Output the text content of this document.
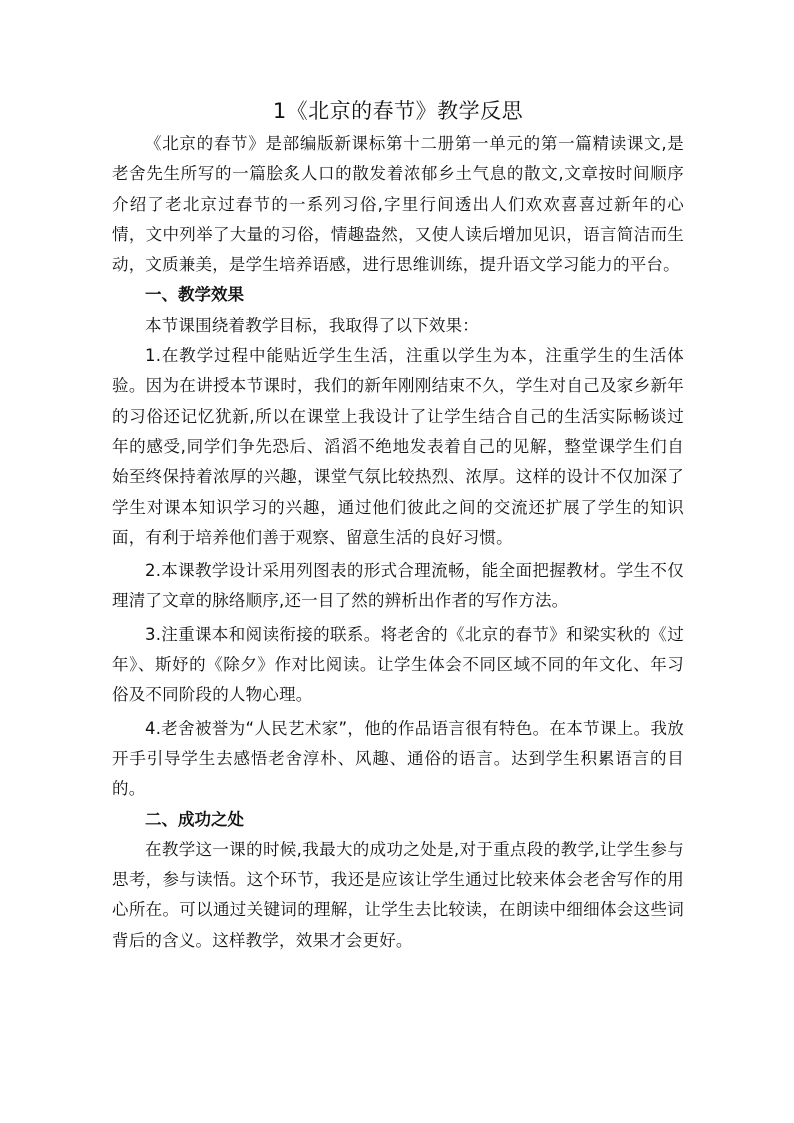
1《北京的春节》教学反思

《北京的春节》是部编版新课标第十二册第一单元的第一篇精读课文,是老舍先生所写的一篇脍炙人口的散发着浓郁乡土气息的散文,文章按时间顺序介绍了老北京过春节的一系列习俗,字里行间透出人们欢欢喜喜过新年的心情，文中列举了大量的习俗，情趣盎然，又使人读后增加见识，语言简洁而生动，文质兼美，是学生培养语感，进行思维训练，提升语文学习能力的平台。

一、教学效果

本节课围绕着教学目标，我取得了以下效果：

1.在教学过程中能贴近学生生活，注重以学生为本，注重学生的生活体验。因为在讲授本节课时，我们的新年刚刚结束不久，学生对自己及家乡新年的习俗还记忆犹新,所以在课堂上我设计了让学生结合自己的生活实际畅谈过年的感受,同学们争先恐后、滔滔不绝地发表着自己的见解，整堂课学生们自始至终保持着浓厚的兴趣，课堂气氛比较热烈、浓厚。这样的设计不仅加深了学生对课本知识学习的兴趣，通过他们彼此之间的交流还扩展了学生的知识面，有利于培养他们善于观察、留意生活的良好习惯。

2.本课教学设计采用列图表的形式合理流畅，能全面把握教材。学生不仅理清了文章的脉络顺序,还一目了然的辨析出作者的写作方法。

3.注重课本和阅读衔接的联系。将老舍的《北京的春节》和梁实秋的《过年》、斯妤的《除夕》作对比阅读。让学生体会不同区域不同的年文化、年习俗及不同阶段的人物心理。

4.老舍被誉为“人民艺术家”，他的作品语言很有特色。在本节课上。我放开手引导学生去感悟老舍淳朴、风趣、通俗的语言。达到学生积累语言的目的。

二、成功之处

在教学这一课的时候,我最大的成功之处是,对于重点段的教学,让学生参与思考，参与读悟。这个环节，我还是应该让学生通过比较来体会老舍写作的用心所在。可以通过关键词的理解，让学生去比较读，在朗读中细细体会这些词背后的含义。这样教学，效果才会更好。
